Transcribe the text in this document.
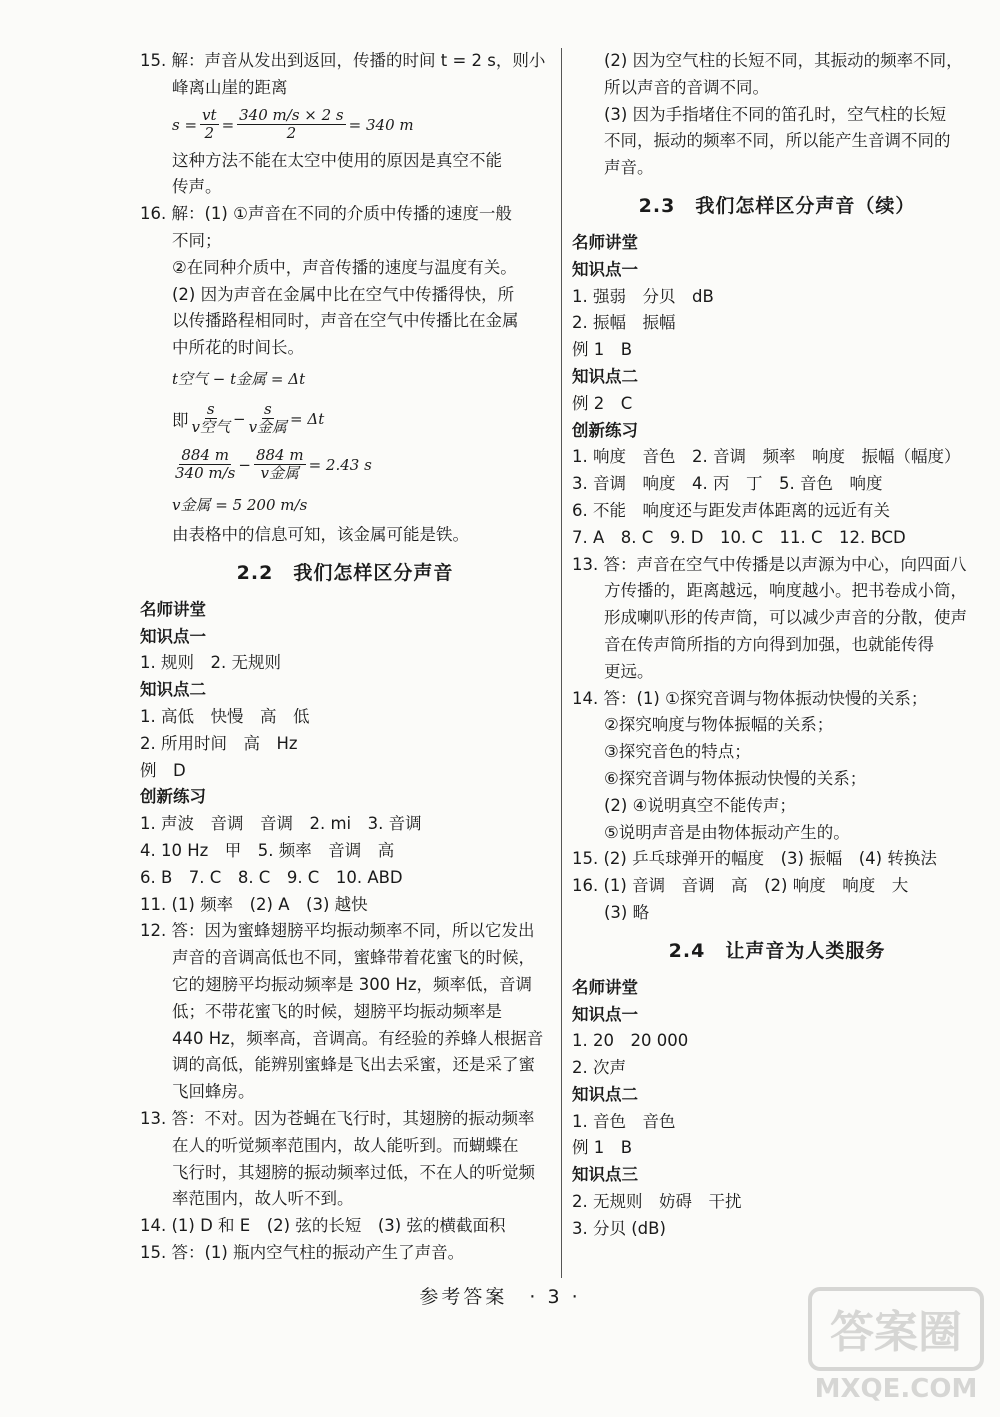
15. 解：声音从发出到返回，传播的时间 t = 2 s，则小
峰离山崖的距离
$s = \frac{vt}{2} = \frac{340 m/s \times 2 s}{2} = 340$ m
这种方法不能在太空中使用的原因是真空不能
传声。
16. 解：(1) ①声音在不同的介质中传播的速度一般
不同；
②在同种介质中，声音传播的速度与温度有关。
(2) 因为声音在金属中比在空气中传播得快，所
以传播路程相同时，声音在空气中传播比在金属
中所花的时间长。
t空气 − t金属 = Δt
即 $\frac{s}{\text{v空气}} - \frac{s}{\text{v金属}} = \Delta t$
$\frac{884 m}{340 m/s} - \frac{884 m}{\text{v金属}} = 2.43$ s
v金属 = 5 200 m/s
由表格中的信息可知，该金属可能是铁。
2.2　我们怎样区分声音
名师讲堂
知识点一
1. 规则　2. 无规则
知识点二
1. 高低　快慢　高　低
2. 所用时间　高　Hz
例　D
创新练习
1. 声波　音调　音调　2. mi　3. 音调
4. 10 Hz　甲　5. 频率　音调　高
6. B　7. C　8. C　9. C　10. ABD
11. (1) 频率　(2) A　(3) 越快
12. 答：因为蜜蜂翅膀平均振动频率不同，所以它发出
声音的音调高低也不同，蜜蜂带着花蜜飞的时候，
它的翅膀平均振动频率是 300 Hz，频率低，音调
低；不带花蜜飞的时候，翅膀平均振动频率是
440 Hz，频率高，音调高。有经验的养蜂人根据音
调的高低，能辨别蜜蜂是飞出去采蜜，还是采了蜜
飞回蜂房。
13. 答：不对。因为苍蝇在飞行时，其翅膀的振动频率
在人的听觉频率范围内，故人能听到。而蝴蝶在
飞行时，其翅膀的振动频率过低，不在人的听觉频
率范围内，故人听不到。
14. (1) D 和 E　(2) 弦的长短　(3) 弦的横截面积
15. 答：(1) 瓶内空气柱的振动产生了声音。
(2) 因为空气柱的长短不同，其振动的频率不同，
所以声音的音调不同。
(3) 因为手指堵住不同的笛孔时，空气柱的长短
不同，振动的频率不同，所以能产生音调不同的
声音。
2.3　我们怎样区分声音（续）
名师讲堂
知识点一
1. 强弱　分贝　dB
2. 振幅　振幅
例 1　B
知识点二
例 2　C
创新练习
1. 响度　音色　2. 音调　频率　响度　振幅（幅度）
3. 音调　响度　4. 丙　丁　5. 音色　响度
6. 不能　响度还与距发声体距离的远近有关
7. A　8. C　9. D　10. C　11. C　12. BCD
13. 答：声音在空气中传播是以声源为中心，向四面八
方传播的，距离越远，响度越小。把书卷成小筒，
形成喇叭形的传声筒，可以减少声音的分散，使声
音在传声筒所指的方向得到加强，也就能传得
更远。
14. 答：(1) ①探究音调与物体振动快慢的关系；
②探究响度与物体振幅的关系；
③探究音色的特点；
⑥探究音调与物体振动快慢的关系；
(2) ④说明真空不能传声；
⑤说明声音是由物体振动产生的。
15. (2) 乒乓球弹开的幅度　(3) 振幅　(4) 转换法
16. (1) 音调　音调　高　(2) 响度　响度　大
(3) 略
2.4　让声音为人类服务
名师讲堂
知识点一
1. 20　20 000
2. 次声
知识点二
1. 音色　音色
例 1　B
知识点三
2. 无规则　妨碍　干扰
3. 分贝 (dB)
参考答案　· 3 ·
答案圈
MXQE.COM
